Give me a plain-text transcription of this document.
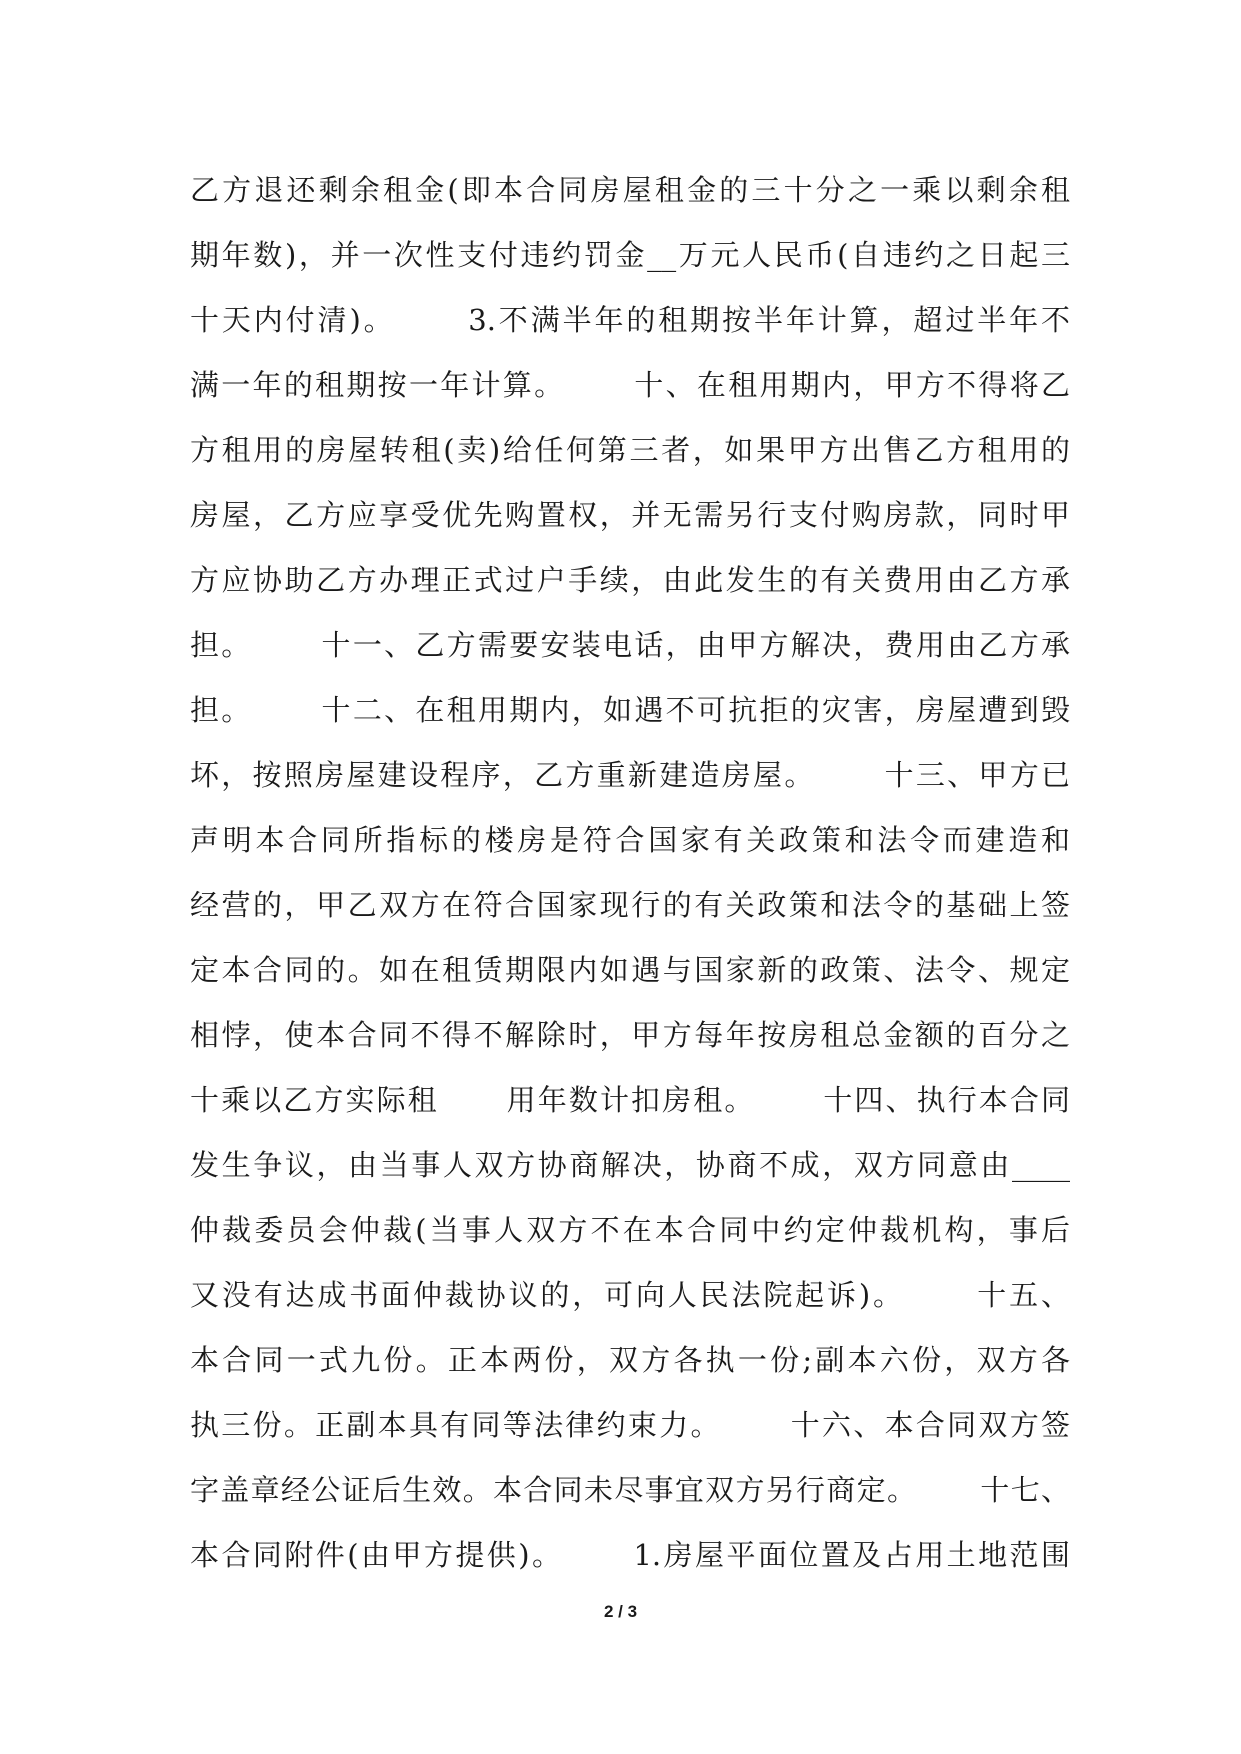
乙方退还剩余租金(即本合同房屋租金的三十分之一乘以剩余租
期年数)，并一次性支付违约罚金__万元人民币(自违约之日起三
十天内付清)。      3.不满半年的租期按半年计算，超过半年不
满一年的租期按一年计算。      十、在租用期内，甲方不得将乙
方租用的房屋转租(卖)给任何第三者，如果甲方出售乙方租用的
房屋，乙方应享受优先购置权，并无需另行支付购房款，同时甲
方应协助乙方办理正式过户手续，由此发生的有关费用由乙方承
担。      十一、乙方需要安装电话，由甲方解决，费用由乙方承
担。      十二、在租用期内，如遇不可抗拒的灾害，房屋遭到毁
坏，按照房屋建设程序，乙方重新建造房屋。      十三、甲方已
声明本合同所指标的楼房是符合国家有关政策和法令而建造和
经营的，甲乙双方在符合国家现行的有关政策和法令的基础上签
定本合同的。如在租赁期限内如遇与国家新的政策、法令、规定
相悖，使本合同不得不解除时，甲方每年按房租总金额的百分之
十乘以乙方实际租      用年数计扣房租。      十四、执行本合同
发生争议，由当事人双方协商解决，协商不成，双方同意由____
仲裁委员会仲裁(当事人双方不在本合同中约定仲裁机构，事后
又没有达成书面仲裁协议的，可向人民法院起诉)。      十五、
本合同一式九份。正本两份，双方各执一份;副本六份，双方各
执三份。正副本具有同等法律约束力。      十六、本合同双方签
字盖章经公证后生效。本合同未尽事宜双方另行商定。      十七、
本合同附件(由甲方提供)。      1.房屋平面位置及占用土地范围
2 / 3
